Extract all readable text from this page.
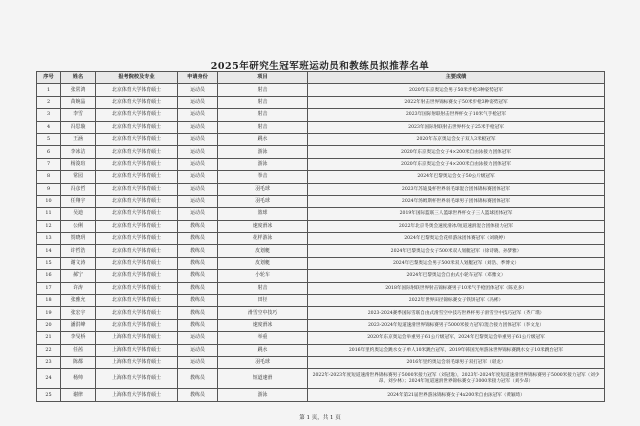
2025年研究生冠军班运动员和教练员拟推荐名单
序号	姓名	报考院校及专业	申请身份	项目	主要成绩
1	张常鸿	北京体育大学体育硕士	运动员	射击	2020年东京奥运会男子50米步枪3种姿势冠军
2	苗婉晶	北京体育大学体育硕士	运动员	射击	2022年射击世界锦标赛女子50米步枪3种姿势冠军
3	李雪	北京体育大学体育硕士	运动员	射击	2023年国际射联射击世界杯女子10米气手枪冠军
4	冯思璇	北京体育大学体育硕士	运动员	射击	2023年国际射联射击世界杯女子25米手枪冠军
5	王涵	北京体育大学体育硕士	运动员	跳水	2020年东京奥运会女子双人3米板冠军
6	李冰洁	北京体育大学体育硕士	运动员	游泳	2020年东京奥运会女子4×200米自由泳接力团体冠军
7	杨浚瑄	北京体育大学体育硕士	运动员	游泳	2020年东京奥运会女子4×200米自由泳接力团体冠军
8	常园	北京体育大学体育硕士	运动员	拳击	2024年巴黎奥运会女子50公斤级冠军
9	冯彦哲	北京体育大学体育硕士	运动员	羽毛球	2023年苏迪曼杯世界羽毛球混合团体锦标赛团体冠军
10	任翔宇	北京体育大学体育硕士	运动员	羽毛球	2024年汤姆斯杯世界羽毛球男子团体锦标赛团体冠军
11	吴迪	北京体育大学体育硕士	运动员	篮球	2019年国际篮联三人篮球世界杯女子三人篮球团体冠军
12	公俐	北京体育大学体育硕士	教练员	速度滑冰	2022年北京冬奥会速度滑冰/短道速滑混合团体接力冠军
13	贺晓玥	北京体育大学体育硕士	教练员	花样游泳	2024年巴黎奥运会花样游泳团体赛冠军（刘晓婷）
14	许哲浩	北京体育大学体育硕士	教练员	皮划艇	2024年巴黎奥运会女子500米双人划艇冠军（徐诗晓、孙梦雅）
15	谢文涛	北京体育大学体育硕士	教练员	皮划艇	2024年巴黎奥运会男子500米双人划艇冠军（刘浩、季博文）
16	郝宁	北京体育大学体育硕士	教练员	小轮车	2024年巴黎奥运会自由式小轮车冠军（邓雅文）
17	许涛	北京体育大学体育硕士	教练员	射击	2018年国际射联世界射击锦标赛男子10米气手枪团体冠军（陈克多）
18	张雅允	北京体育大学体育硕士	教练员	田径	2022年世界田径锦标赛女子铁饼冠军（冯彬）
19	张宏宇	北京体育大学体育硕士	教练员	滑雪空中技巧	2023-2024赛季国际雪联自由式滑雪空中技巧世界杯男子滑雪空中技巧冠军（齐广璞）
20	潘洪峰	北京体育大学体育硕士	教练员	速度滑冰	2023-2024年短道速滑世界锦标赛男子5000米接力冠军/混合接力团体冠军（李文龙）
21	李旻桥	上海体育大学体育硕士	运动员	举重	2020年东京奥运会举重男子61公斤级冠军，2024年巴黎奥运会举重男子61公斤级冠军
22	任茜	上海体育大学体育硕士	运动员	跳水	2016年里约奥运会跳水女子单人10米跳台冠军，2019年韩国光州游泳世界锦标赛跳水女子10米跳台冠军
23	陈都	上海体育大学体育硕士	运动员	羽毛球	2016年里约奥运会羽毛球男子双打冠军（谌龙）
24	杨帅	上海体育大学体育硕士	教练员	短道速滑	2022年-2023年度短道速滑世界锦标赛男子5000米接力冠军（刘冠逸），2023年-2024年度短道速滑世界锦标赛男子5000米接力冠军（刘少昂、刘少林）；2024年短道速滑世界锦标赛女子3000米接力冠军（刘少昂）
25	谢律	上海体育大学体育硕士	教练员	游泳	2024年第21届世界游泳锦标赛女子4x200米自由泳冠军（黄颖琦）
第 1 页，共 1 页
